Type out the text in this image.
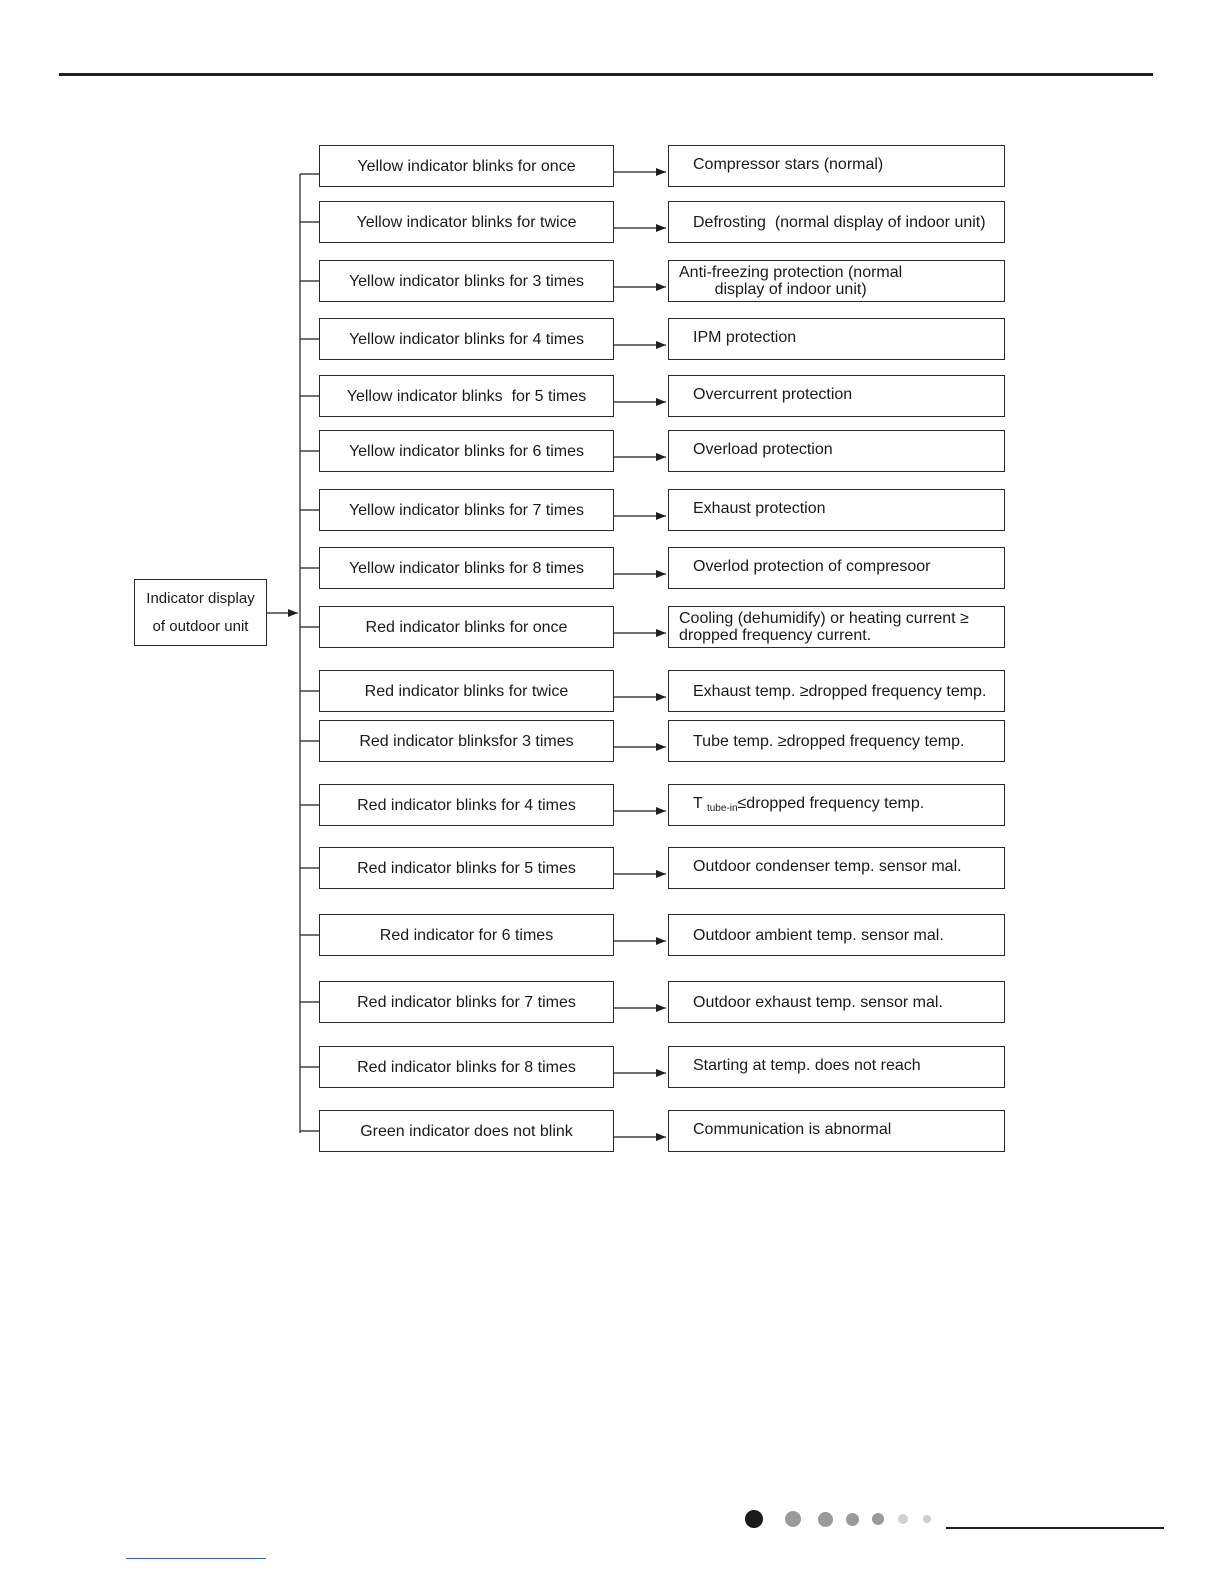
Indicator display
of outdoor unit
Yellow indicator blinks for once	Compressor stars (normal)
Yellow indicator blinks for twice	Defrosting  (normal display of indoor unit)
Yellow indicator blinks for 3 times	Anti-freezing protection (normal
display of indoor unit)
Yellow indicator blinks for 4 times	IPM protection
Yellow indicator blinks  for 5 times	Overcurrent protection
Yellow indicator blinks for 6 times	Overload protection
Yellow indicator blinks for 7 times	Exhaust protection
Yellow indicator blinks for 8 times	Overlod protection of compresoor
Red indicator blinks for once	Cooling (dehumidify) or heating current ≥
dropped frequency current.
Red indicator blinks for twice	Exhaust temp. ≥dropped frequency temp.
Red indicator blinksfor 3 times	Tube temp. ≥dropped frequency temp.
Red indicator blinks for 4 times	T $_{tube-in}$≤dropped frequency temp.
Red indicator blinks for 5 times	Outdoor condenser temp. sensor mal.
Red indicator for 6 times	Outdoor ambient temp. sensor mal.
Red indicator blinks for 7 times	Outdoor exhaust temp. sensor mal.
Red indicator blinks for 8 times	Starting at temp. does not reach
Green indicator does not blink	Communication is abnormal
